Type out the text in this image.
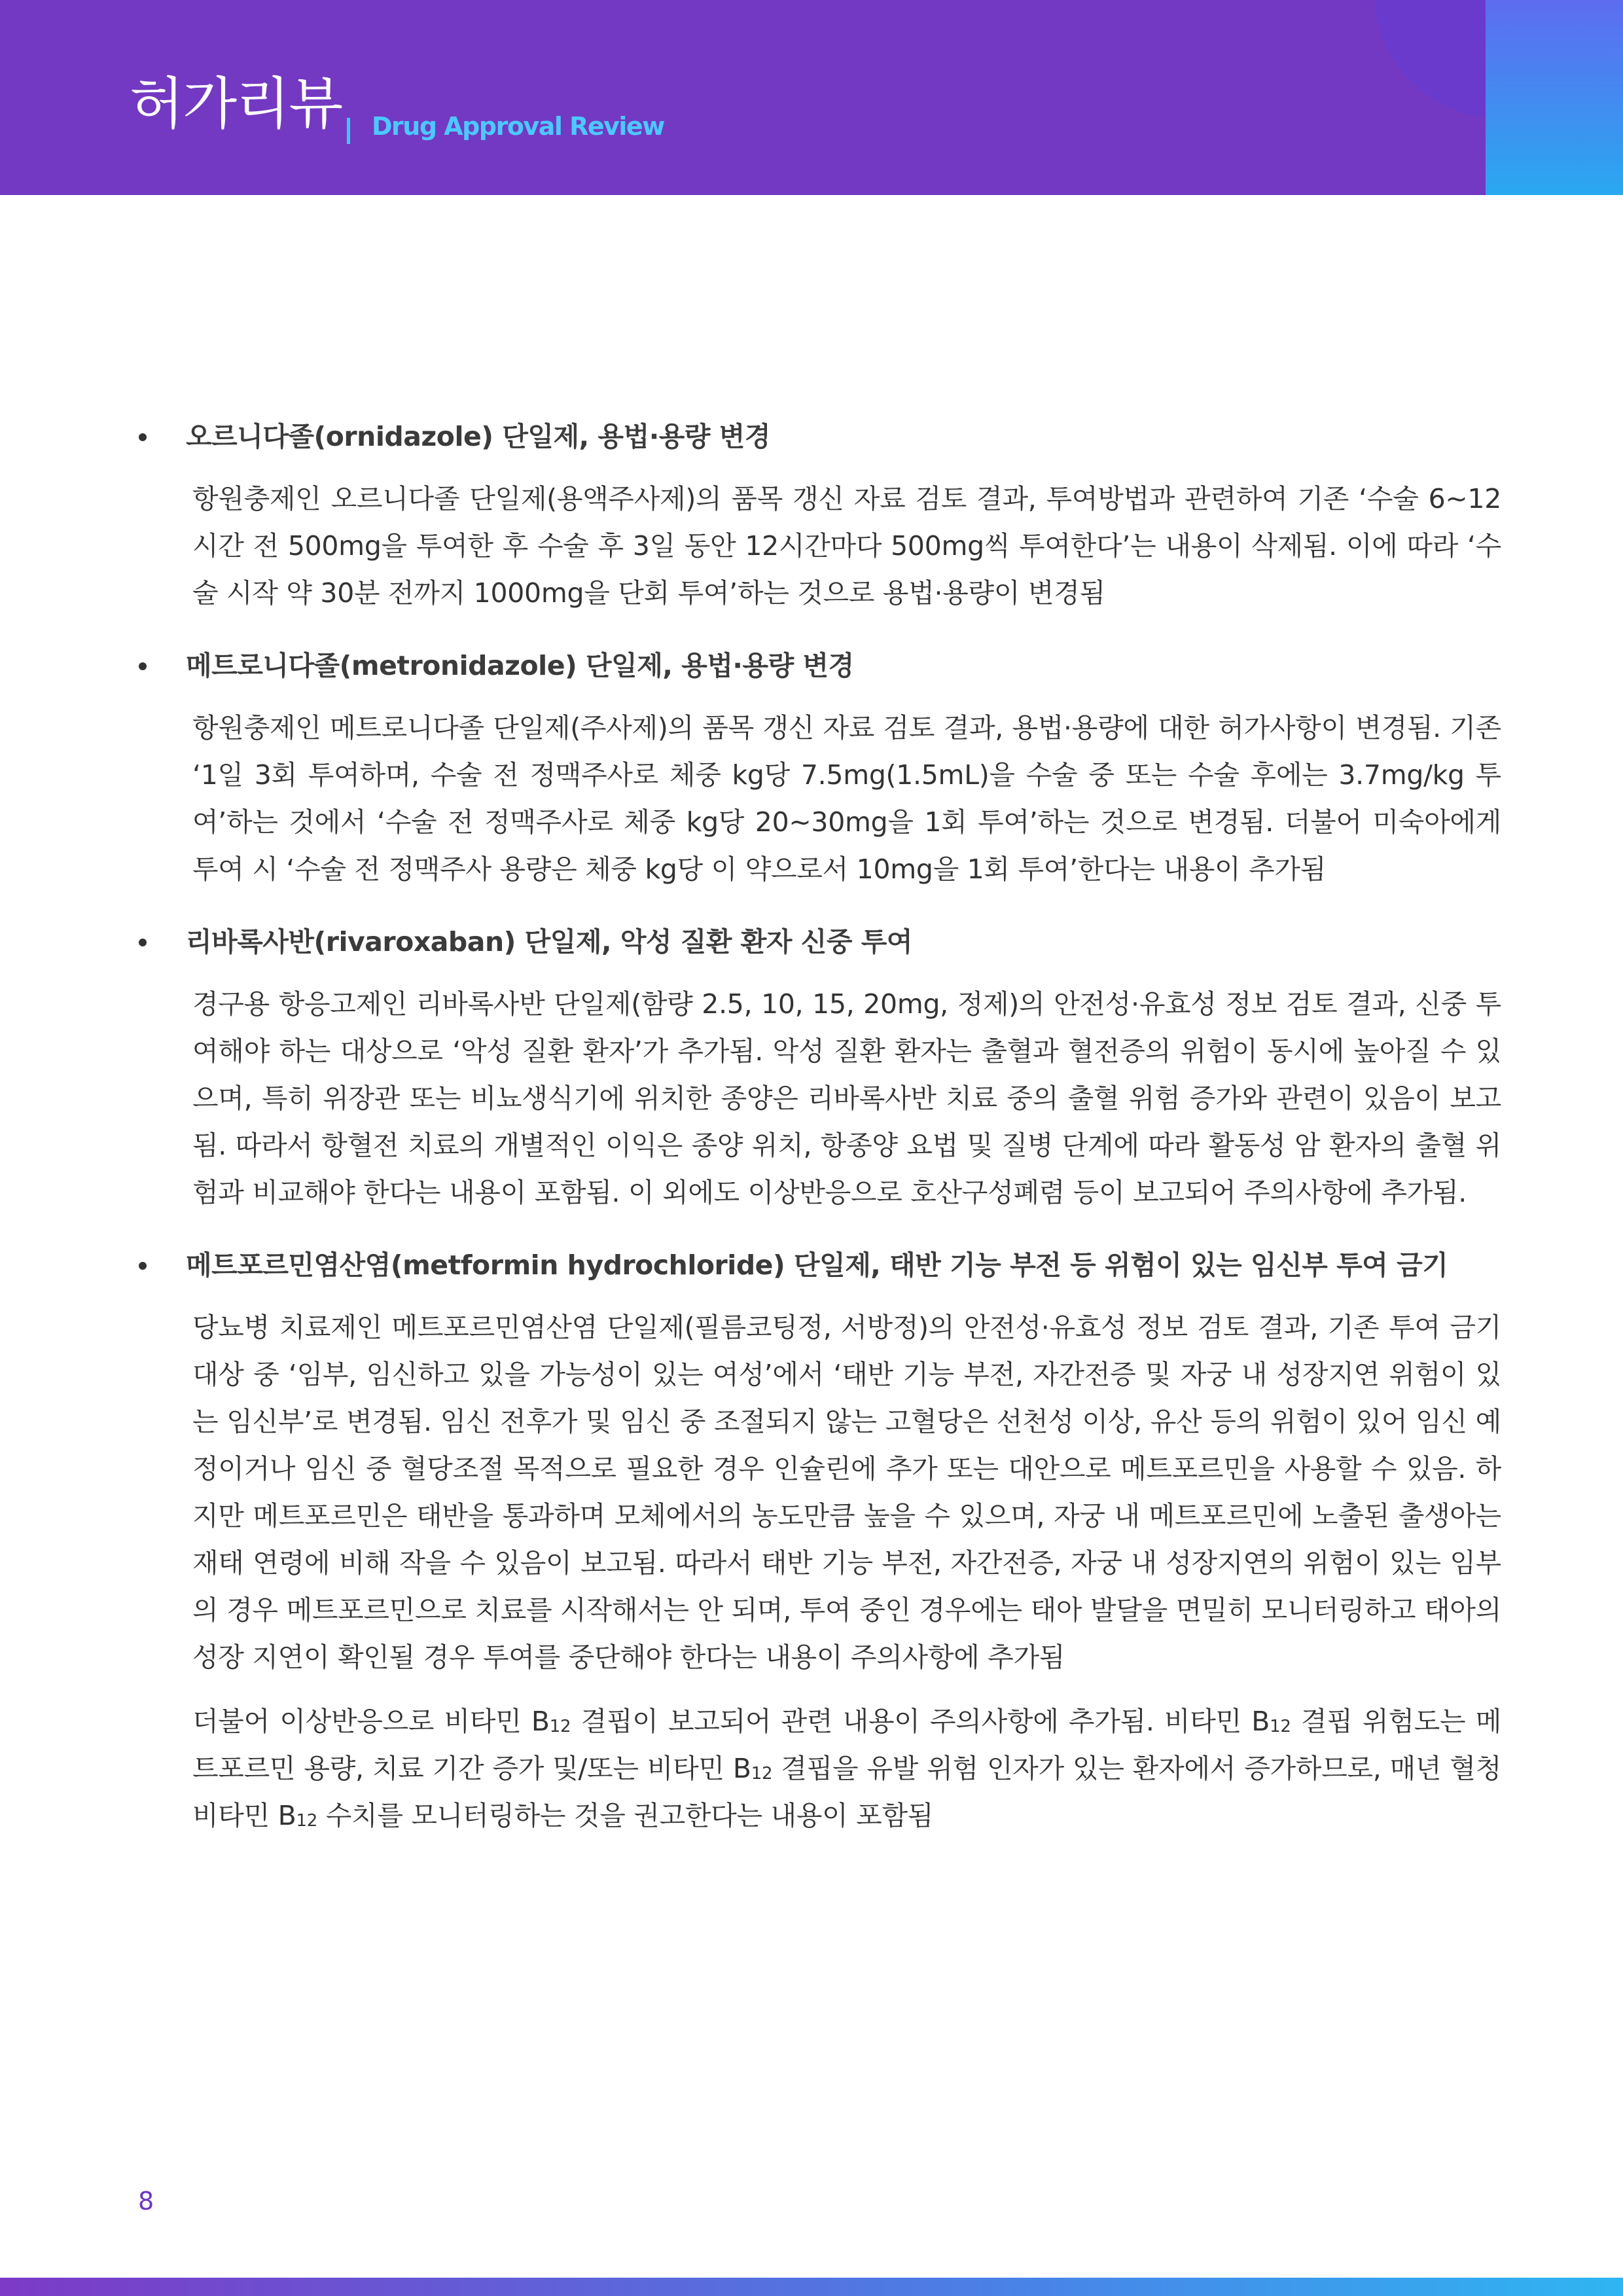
허가리뷰 Drug Approval Review
오르니다졸(ornidazole) 단일제, 용법·용량 변경
항원충제인 오르니다졸 단일제(용액주사제)의 품목 갱신 자료 검토 결과, 투여방법과 관련하여 기존 ‘수술 6~12시간 전 500mg을 투여한 후 수술 후 3일 동안 12시간마다 500mg씩 투여한다’는 내용이 삭제됨. 이에 따라 ‘수술 시작 약 30분 전까지 1000mg을 단회 투여’하는 것으로 용법·용량이 변경됨
메트로니다졸(metronidazole) 단일제, 용법·용량 변경
항원충제인 메트로니다졸 단일제(주사제)의 품목 갱신 자료 검토 결과, 용법·용량에 대한 허가사항이 변경됨. 기존 ‘1일 3회 투여하며, 수술 전 정맥주사로 체중 kg당 7.5mg(1.5mL)을 수술 중 또는 수술 후에는 3.7mg/kg 투여’하는 것에서 ‘수술 전 정맥주사로 체중 kg당 20~30mg을 1회 투여’하는 것으로 변경됨. 더불어 미숙아에게 투여 시 ‘수술 전 정맥주사 용량은 체중 kg당 이 약으로서 10mg을 1회 투여’한다는 내용이 추가됨
리바록사반(rivaroxaban) 단일제, 악성 질환 환자 신중 투여
경구용 항응고제인 리바록사반 단일제(함량 2.5, 10, 15, 20mg, 정제)의 안전성·유효성 정보 검토 결과, 신중 투여해야 하는 대상으로 ‘악성 질환 환자’가 추가됨. 악성 질환 환자는 출혈과 혈전증의 위험이 동시에 높아질 수 있으며, 특히 위장관 또는 비뇨생식기에 위치한 종양은 리바록사반 치료 중의 출혈 위험 증가와 관련이 있음이 보고됨. 따라서 항혈전 치료의 개별적인 이익은 종양 위치, 항종양 요법 및 질병 단계에 따라 활동성 암 환자의 출혈 위험과 비교해야 한다는 내용이 포함됨. 이 외에도 이상반응으로 호산구성폐렴 등이 보고되어 주의사항에 추가됨.
메트포르민염산염(metformin hydrochloride) 단일제, 태반 기능 부전 등 위험이 있는 임신부 투여 금기
당뇨병 치료제인 메트포르민염산염 단일제(필름코팅정, 서방정)의 안전성·유효성 정보 검토 결과, 기존 투여 금기 대상 중 ‘임부, 임신하고 있을 가능성이 있는 여성’에서 ‘태반 기능 부전, 자간전증 및 자궁 내 성장지연 위험이 있는 임신부’로 변경됨. 임신 전후가 및 임신 중 조절되지 않는 고혈당은 선천성 이상, 유산 등의 위험이 있어 임신 예정이거나 임신 중 혈당조절 목적으로 필요한 경우 인슐린에 추가 또는 대안으로 메트포르민을 사용할 수 있음. 하지만 메트포르민은 태반을 통과하며 모체에서의 농도만큼 높을 수 있으며, 자궁 내 메트포르민에 노출된 출생아는 재태 연령에 비해 작을 수 있음이 보고됨. 따라서 태반 기능 부전, 자간전증, 자궁 내 성장지연의 위험이 있는 임부의 경우 메트포르민으로 치료를 시작해서는 안 되며, 투여 중인 경우에는 태아 발달을 면밀히 모니터링하고 태아의 성장 지연이 확인될 경우 투여를 중단해야 한다는 내용이 주의사항에 추가됨
더불어 이상반응으로 비타민 $B_{12}$ 결핍이 보고되어 관련 내용이 주의사항에 추가됨. 비타민 $B_{12}$ 결핍 위험도는 메트포르민 용량, 치료 기간 증가 및/또는 비타민 $B_{12}$ 결핍을 유발 위험 인자가 있는 환자에서 증가하므로, 매년 혈청 비타민 $B_{12}$ 수치를 모니터링하는 것을 권고한다는 내용이 포함됨
8
